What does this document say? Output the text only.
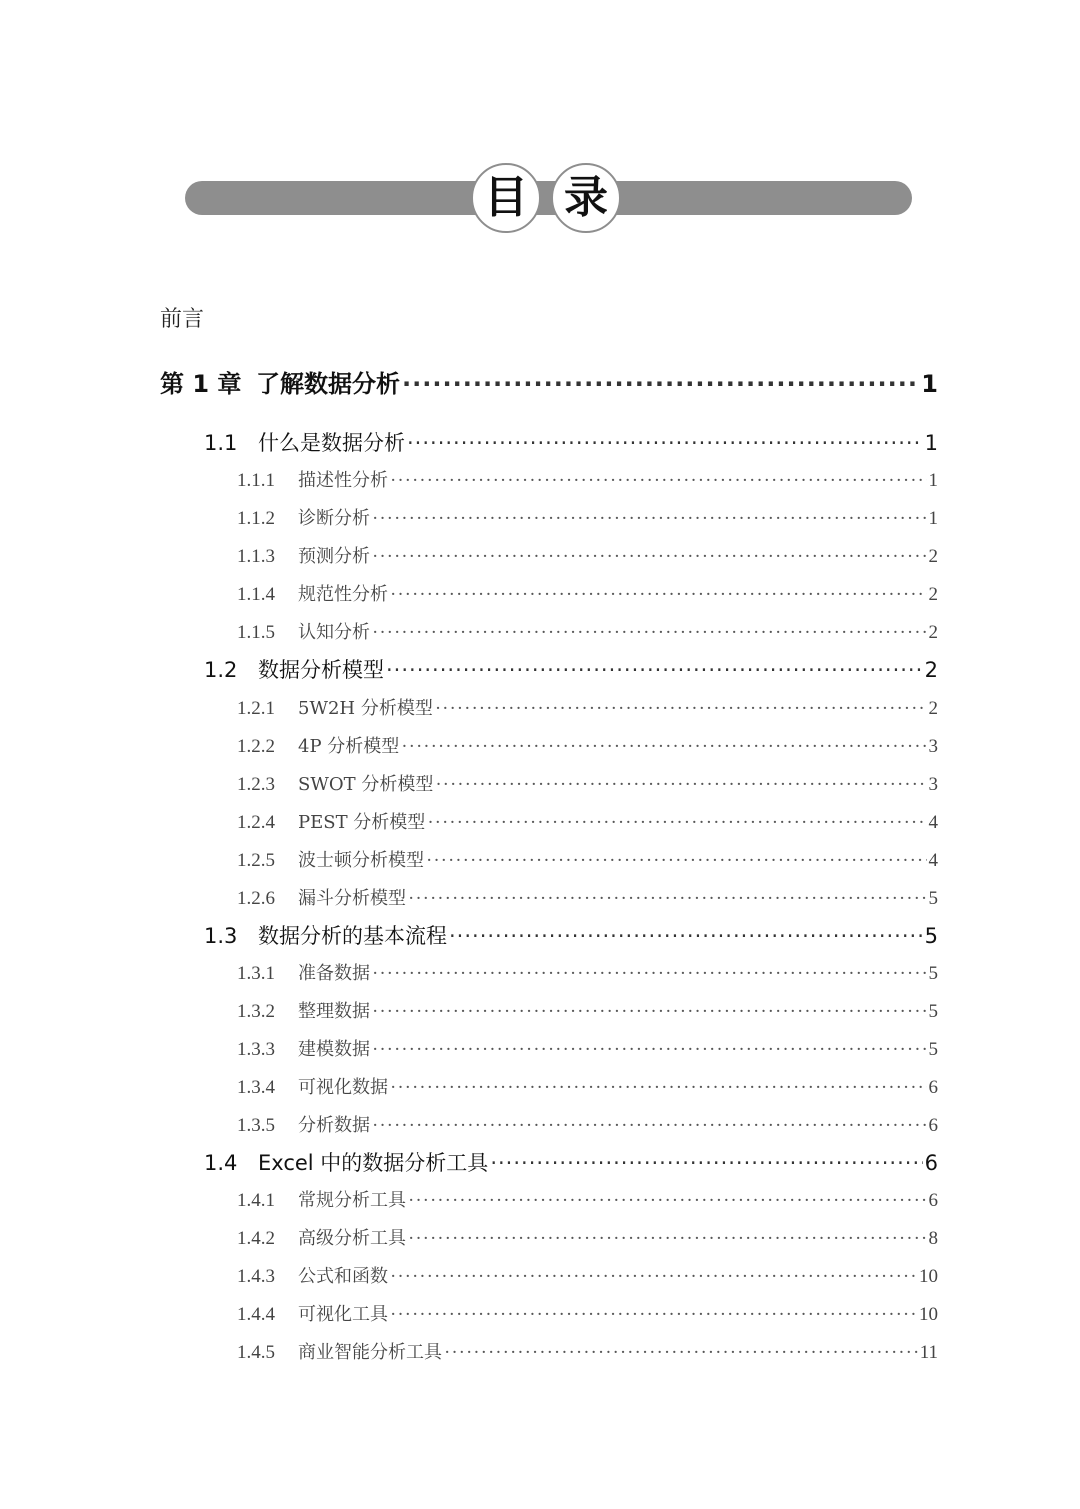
目 录
前言
第 1 章 了解数据分析 ·····	1
1.1 什么是数据分析 ·····	1
1.1.1	描述性分析 ·····	1
1.1.2	诊断分析 ·····	1
1.1.3	预测分析 ·····	2
1.1.4	规范性分析 ·····	2
1.1.5	认知分析 ·····	2
1.2 数据分析模型 ·····	2
1.2.1	5W2H 分析模型 ·····	2
1.2.2	4P 分析模型 ·····	3
1.2.3	SWOT 分析模型 ·····	3
1.2.4	PEST 分析模型 ·····	4
1.2.5	波士顿分析模型 ·····	4
1.2.6	漏斗分析模型 ·····	5
1.3 数据分析的基本流程 ·····	5
1.3.1	准备数据 ·····	5
1.3.2	整理数据 ·····	5
1.3.3	建模数据 ·····	5
1.3.4	可视化数据 ·····	6
1.3.5	分析数据 ·····	6
1.4 Excel 中的数据分析工具 ·····	6
1.4.1	常规分析工具 ·····	6
1.4.2	高级分析工具 ·····	8
1.4.3	公式和函数 ·····	10
1.4.4	可视化工具 ·····	10
1.4.5	商业智能分析工具 ·····	11
